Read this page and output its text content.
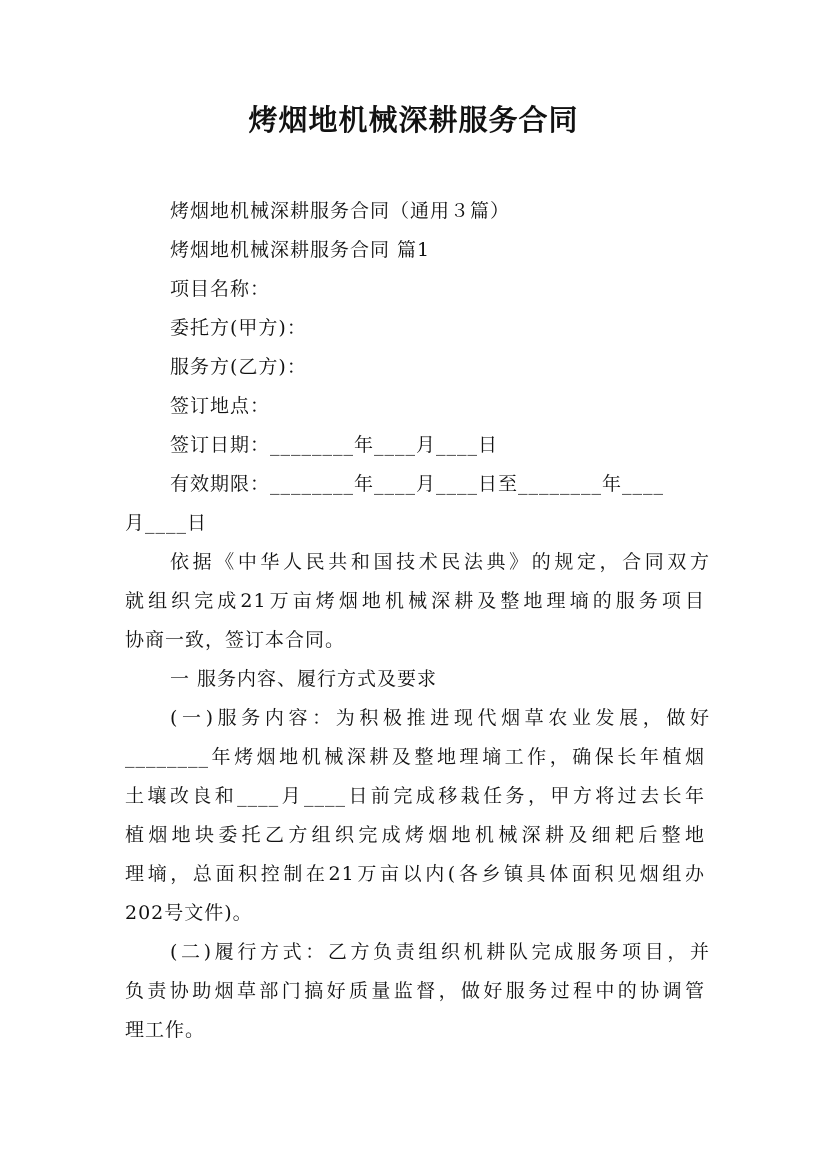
烤烟地机械深耕服务合同
烤烟地机械深耕服务合同（通用３篇）
烤烟地机械深耕服务合同 篇1
项目名称：
委托方(甲方)：
服务方(乙方)：
签订地点：
签订日期：________年____月____日
有效期限：________年____月____日至________年____
月____日
依据《中华人民共和国技术民法典》的规定，合同双方
就组织完成21万亩烤烟地机械深耕及整地理墒的服务项目
协商一致，签订本合同。
一 服务内容、履行方式及要求
(一)服务内容：为积极推进现代烟草农业发展，做好
________年烤烟地机械深耕及整地理墒工作，确保长年植烟
土壤改良和____月____日前完成移栽任务，甲方将过去长年
植烟地块委托乙方组织完成烤烟地机械深耕及细耙后整地
理墒，总面积控制在21万亩以内(各乡镇具体面积见烟组办
202号文件)。
(二)履行方式：乙方负责组织机耕队完成服务项目，并
负责协助烟草部门搞好质量监督，做好服务过程中的协调管
理工作。
